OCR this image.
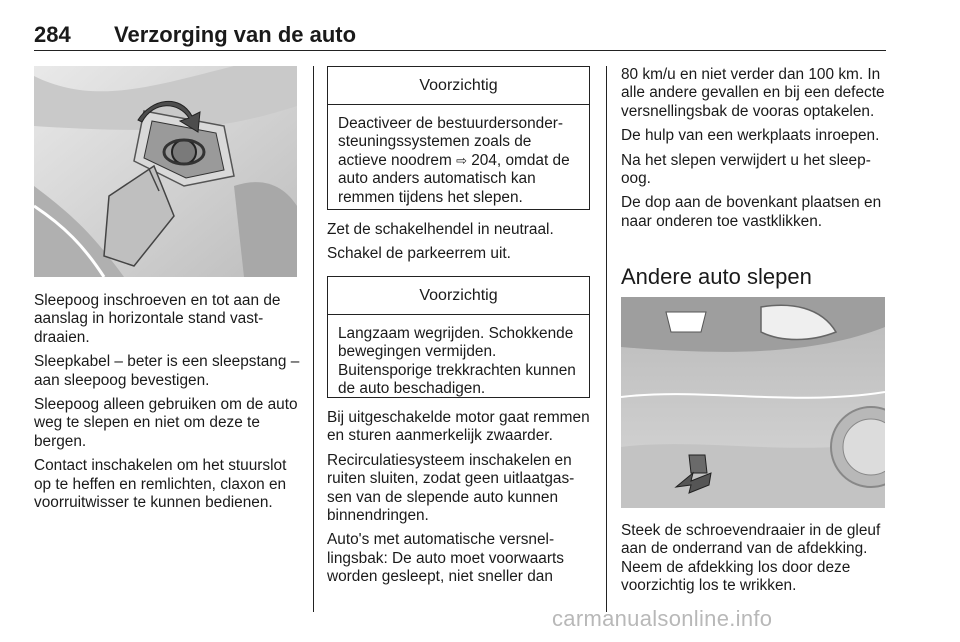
284 Verzorging van de auto

Sleepoog inschroeven en tot aan de aanslag in horizontale stand vastdraaien.

Sleepkabel – beter is een sleepstang – aan sleepoog bevestigen.

Sleepoog alleen gebruiken om de auto weg te slepen en niet om deze te bergen.

Contact inschakelen om het stuurslot op te heffen en remlichten, claxon en voorruitwisser te kunnen bedienen.

Voorzichtig
Deactiveer de bestuurdersondersteuningssystemen zoals de actieve noodrem ⇨ 204, omdat de auto anders automatisch kan remmen tijdens het slepen.

Zet de schakelhendel in neutraal.

Schakel de parkeerrem uit.

Voorzichtig
Langzaam wegrijden. Schokkende bewegingen vermijden. Buitensporige trekkrachten kunnen de auto beschadigen.

Bij uitgeschakelde motor gaat remmen en sturen aanmerkelijk zwaarder.

Recirculatiesysteem inschakelen en ruiten sluiten, zodat geen uitlaatgassen van de slepende auto kunnen binnendringen.

Auto's met automatische versnellingsbak: De auto moet voorwaarts worden gesleept, niet sneller dan

80 km/u en niet verder dan 100 km. In alle andere gevallen en bij een defecte versnellingsbak de vooras optakelen.

De hulp van een werkplaats inroepen.

Na het slepen verwijdert u het sleepoog.

De dop aan de bovenkant plaatsen en naar onderen toe vastklikken.

Andere auto slepen

Steek de schroevendraaier in de gleuf aan de onderrand van de afdekking. Neem de afdekking los door deze voorzichtig los te wrikken.

carmanualsonline.info
